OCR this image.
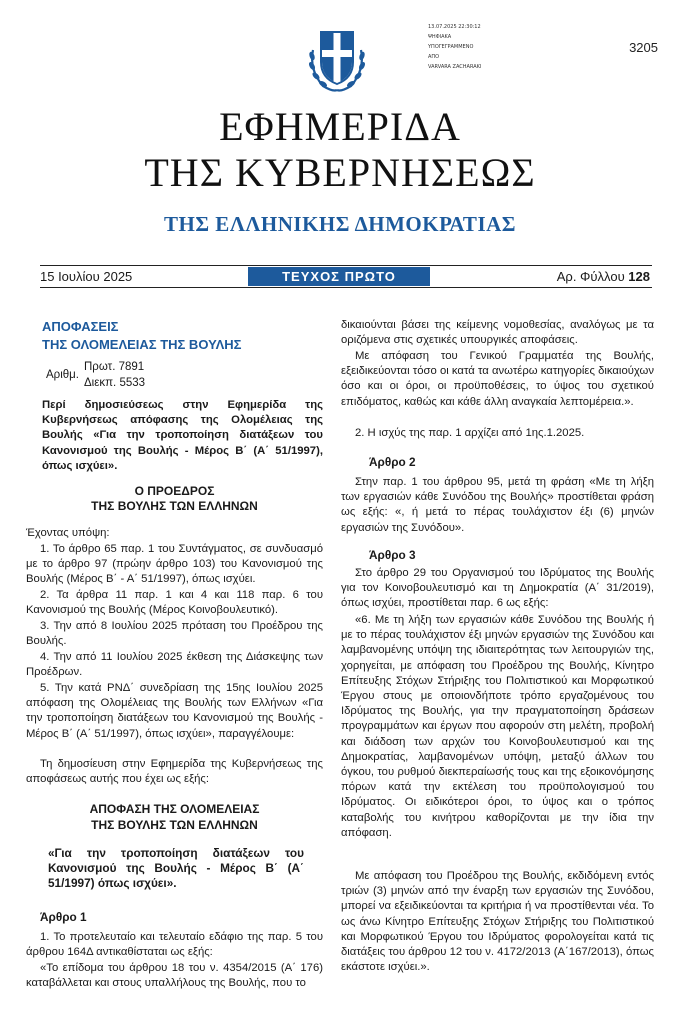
13.07.2025 22:30:12
ΨΗΦΙΑΚΑ
ΥΠΟΓΕΓΡΑΜΜΕΝΟ
ΑΠΟ
VARVARA ZACHARAKI
3205
ΕΦΗΜΕΡΙΔΑ
ΤΗΣ ΚΥΒΕΡΝΗΣΕΩΣ
ΤΗΣ ΕΛΛΗΝΙΚΗΣ ΔΗΜΟΚΡΑΤΙΑΣ
15 Ιουλίου 2025	ΤΕΥΧΟΣ ΠΡΩΤΟ	Αρ. Φύλλου 128
ΑΠΟΦΑΣΕΙΣ
ΤΗΣ ΟΛΟΜΕΛΕΙΑΣ ΤΗΣ ΒΟΥΛΗΣ
Αριθμ.
Πρωτ. 7891
Διεκπ. 5533
Περί δημοσιεύσεως στην Εφημερίδα της Κυβερνήσεως απόφασης της Ολομέλειας της Βουλής «Για την τροποποίηση διατάξεων του Κανονισμού της Βουλής - Μέρος Β΄ (Α΄ 51/1997), όπως ισχύει».
Ο ΠΡΟΕΔΡΟΣ
ΤΗΣ ΒΟΥΛΗΣ ΤΩΝ ΕΛΛΗΝΩΝ
Έχοντας υπόψη:
1. Το άρθρο 65 παρ. 1 του Συντάγματος, σε συνδυασμό με το άρθρο 97 (πρώην άρθρο 103) του Κανονισμού της Βουλής (Μέρος Β΄ - Α΄ 51/1997), όπως ισχύει.
2. Τα άρθρα 11 παρ. 1 και 4 και 118 παρ. 6 του Κανονισμού της Βουλής (Μέρος Κοινοβουλευτικό).
3. Την από 8 Ιουλίου 2025 πρόταση του Προέδρου της Βουλής.
4. Την από 11 Ιουλίου 2025 έκθεση της Διάσκεψης των Προέδρων.
5. Την κατά ΡΝΔ΄ συνεδρίαση της 15ης Ιουλίου 2025 απόφαση της Ολομέλειας της Βουλής των Ελλήνων «Για την τροποποίηση διατάξεων του Κανονισμού της Βουλής - Μέρος Β΄ (Α΄ 51/1997), όπως ισχύει», παραγγέλουμε:
Τη δημοσίευση στην Εφημερίδα της Κυβερνήσεως της αποφάσεως αυτής που έχει ως εξής:
ΑΠΟΦΑΣΗ ΤΗΣ ΟΛΟΜΕΛΕΙΑΣ
ΤΗΣ ΒΟΥΛΗΣ ΤΩΝ ΕΛΛΗΝΩΝ
«Για την τροποποίηση διατάξεων του Κανονισμού της Βουλής - Μέρος Β΄ (Α΄ 51/1997) όπως ισχύει».
Άρθρο 1
1. Το προτελευταίο και τελευταίο εδάφιο της παρ. 5 του άρθρου 164Δ αντικαθίσταται ως εξής:
«Το επίδομα του άρθρου 18 του ν. 4354/2015 (Α΄ 176) καταβάλλεται και στους υπαλλήλους της Βουλής, που το
δικαιούνται βάσει της κείμενης νομοθεσίας, αναλόγως με τα οριζόμενα στις σχετικές υπουργικές αποφάσεις.
Με απόφαση του Γενικού Γραμματέα της Βουλής, εξειδικεύονται τόσο οι κατά τα ανωτέρω κατηγορίες δικαιούχων όσο και οι όροι, οι προϋποθέσεις, το ύψος του σχετικού επιδόματος, καθώς και κάθε άλλη αναγκαία λεπτομέρεια.».
2. Η ισχύς της παρ. 1 αρχίζει από 1ης.1.2025.
Άρθρο 2
Στην παρ. 1 του άρθρου 95, μετά τη φράση «Με τη λήξη των εργασιών κάθε Συνόδου της Βουλής» προστίθεται φράση ως εξής: «, ή μετά το πέρας τουλάχιστον έξι (6) μηνών εργασιών της Συνόδου».
Άρθρο 3
Στο άρθρο 29 του Οργανισμού του Ιδρύματος της Βουλής για τον Κοινοβουλευτισμό και τη Δημοκρατία (Α΄ 31/2019), όπως ισχύει, προστίθεται παρ. 6 ως εξής:
«6. Με τη λήξη των εργασιών κάθε Συνόδου της Βουλής ή με το πέρας τουλάχιστον έξι μηνών εργασιών της Συνόδου και λαμβανομένης υπόψη της ιδιαιτερότητας των λειτουργιών της, χορηγείται, με απόφαση του Προέδρου της Βουλής, Κίνητρο Επίτευξης Στόχων Στήριξης του Πολιτιστικού και Μορφωτικού Έργου στους με οποιονδήποτε τρόπο εργαζομένους του Ιδρύματος της Βουλής, για την πραγματοποίηση δράσεων προγραμμάτων και έργων που αφορούν στη μελέτη, προβολή και διάδοση των αρχών του Κοινοβουλευτισμού και της Δημοκρατίας, λαμβανομένων υπόψη, μεταξύ άλλων του όγκου, του ρυθμού διεκπεραίωσής τους και της εξοικονόμησης πόρων κατά την εκτέλεση του προϋπολογισμού του Ιδρύματος. Οι ειδικότεροι όροι, το ύψος και ο τρόπος καταβολής του κινήτρου καθορίζονται με την ίδια την απόφαση.
Με απόφαση του Προέδρου της Βουλής, εκδιδόμενη εντός τριών (3) μηνών από την έναρξη των εργασιών της Συνόδου, μπορεί να εξειδικεύονται τα κριτήρια ή να προστίθενται νέα. Το ως άνω Κίνητρο Επίτευξης Στόχων Στήριξης του Πολιτιστικού και Μορφωτικού Έργου του Ιδρύματος φορολογείται κατά τις διατάξεις του άρθρου 12 του ν. 4172/2013 (Α΄167/2013), όπως εκάστοτε ισχύει.».
